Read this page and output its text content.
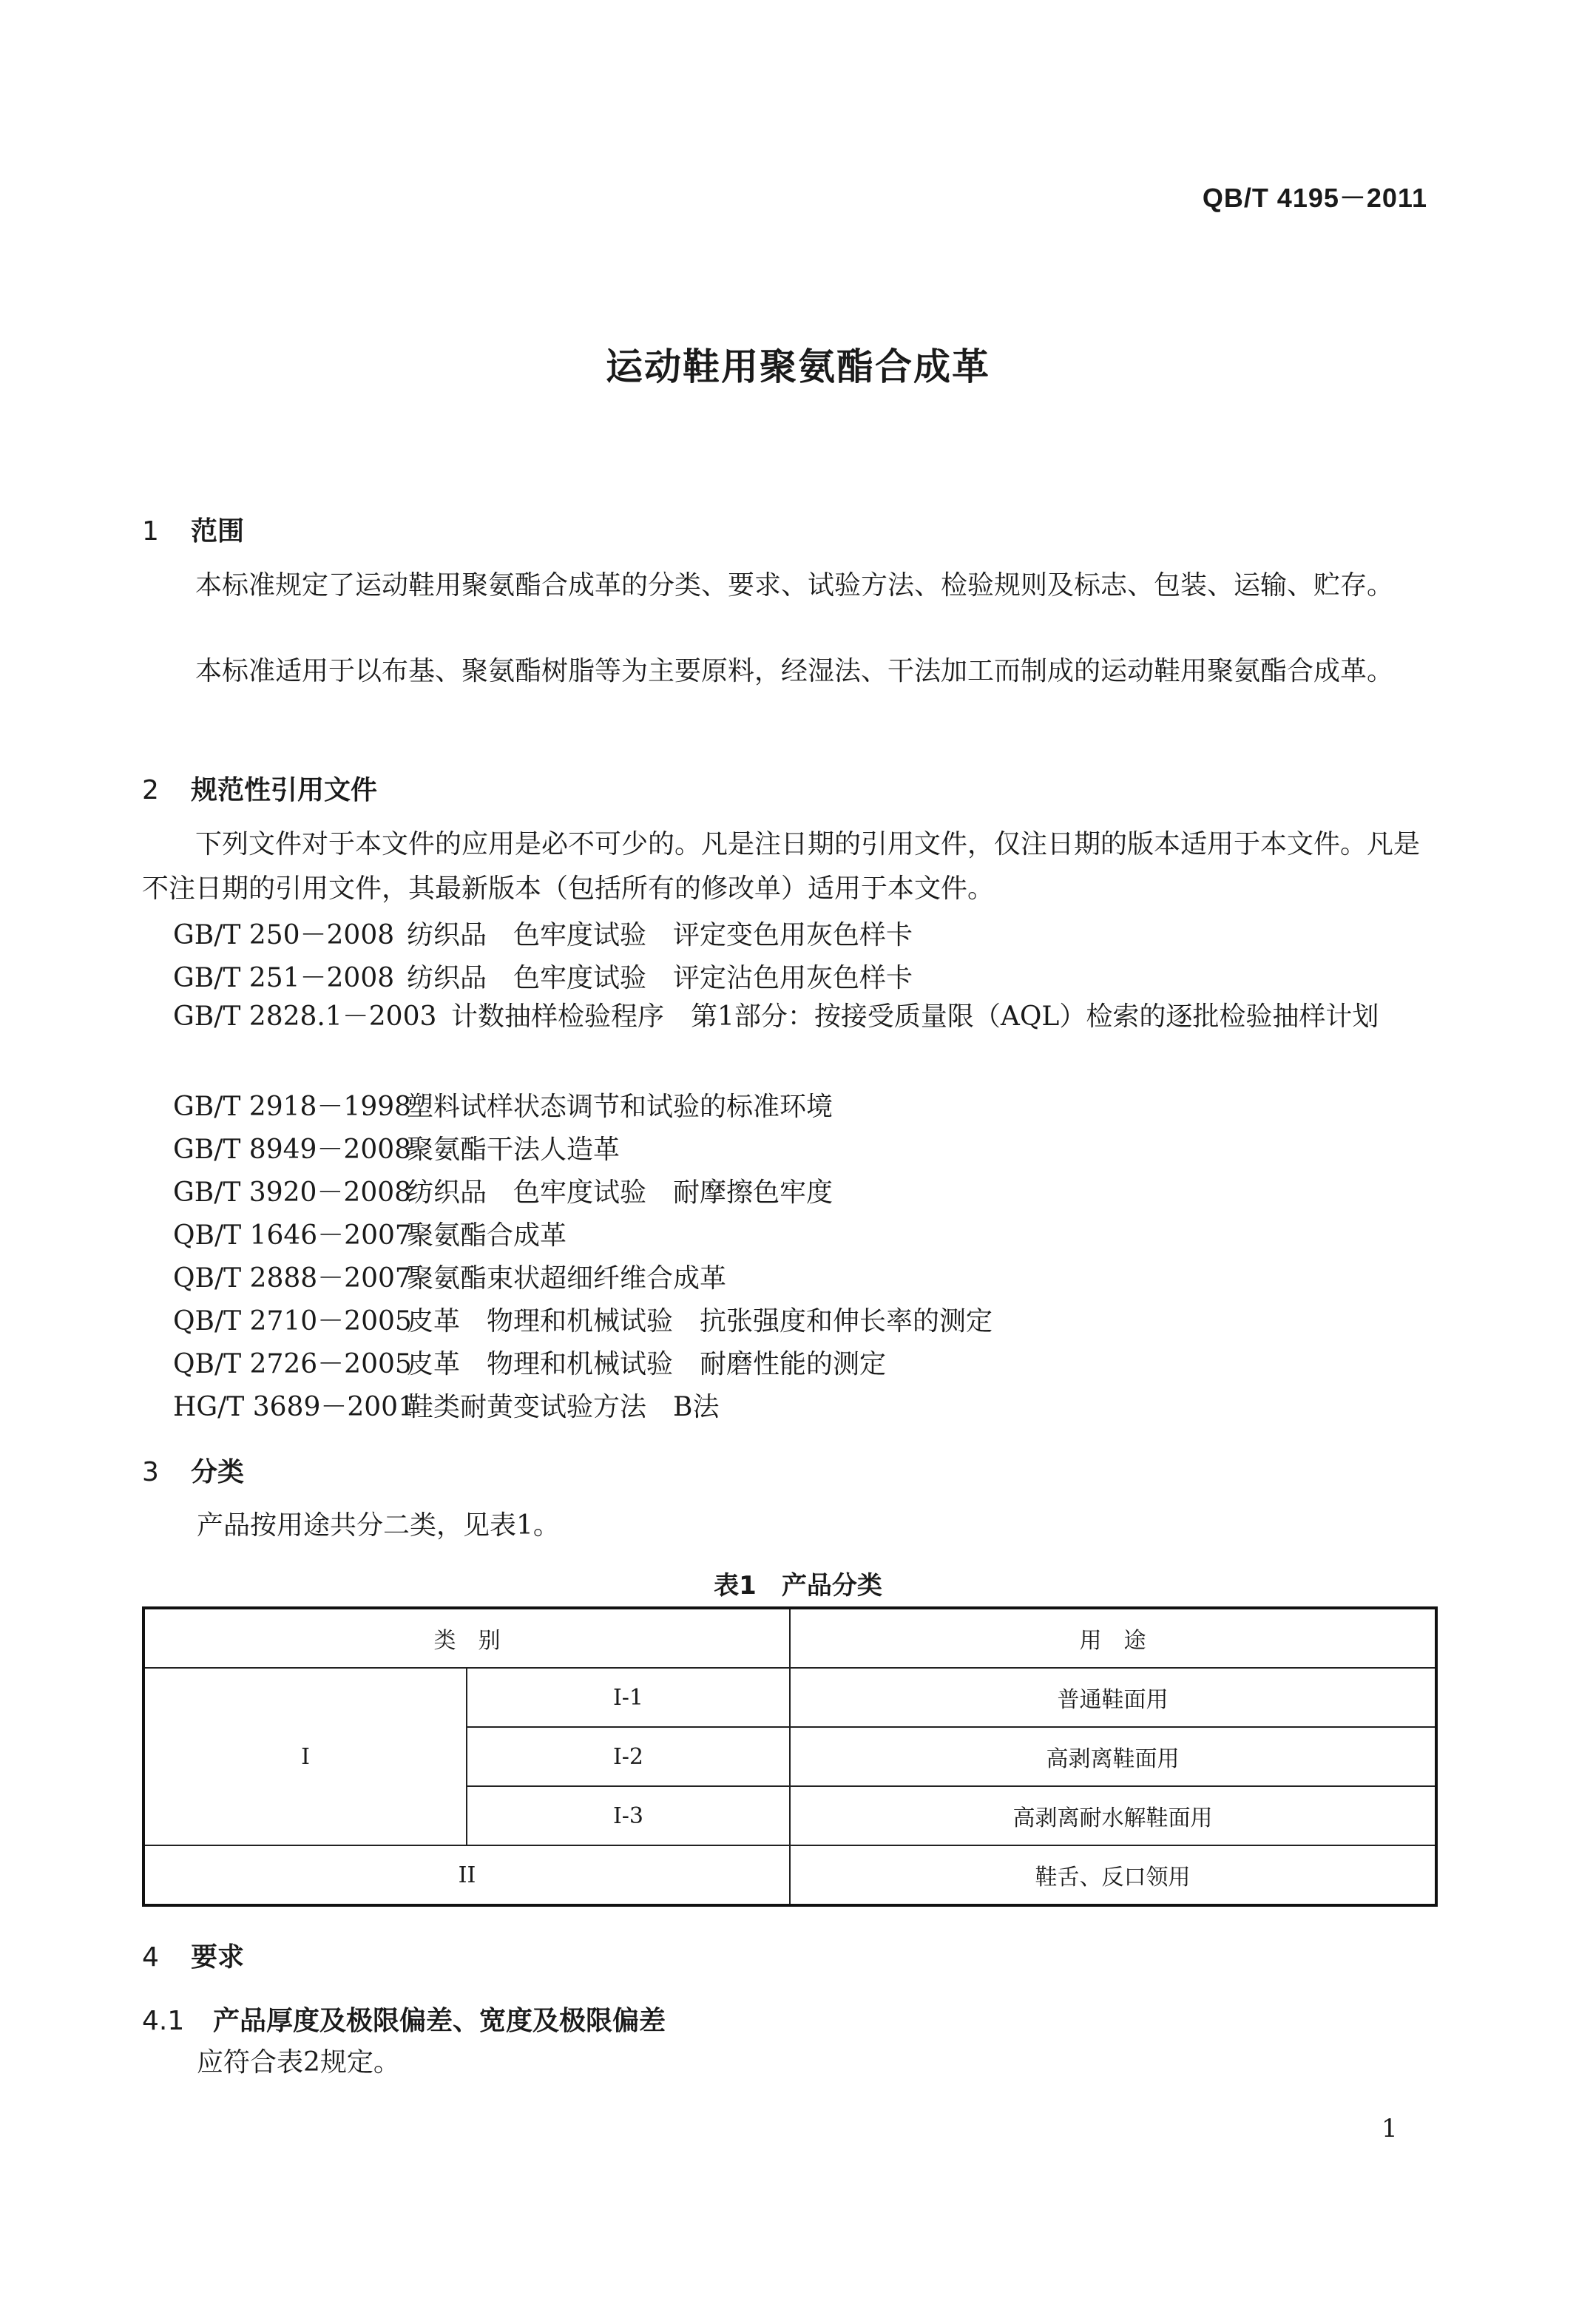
QB/T 4195－2011
运动鞋用聚氨酯合成革
1 范围
本标准规定了运动鞋用聚氨酯合成革的分类、要求、试验方法、检验规则及标志、包装、运输、贮存。
本标准适用于以布基、聚氨酯树脂等为主要原料，经湿法、干法加工而制成的运动鞋用聚氨酯合成革。
2 规范性引用文件
下列文件对于本文件的应用是必不可少的。凡是注日期的引用文件，仅注日期的版本适用于本文件。凡是不注日期的引用文件，其最新版本（包括所有的修改单）适用于本文件。
GB/T 250－2008 纺织品　色牢度试验　评定变色用灰色样卡
GB/T 251－2008 纺织品　色牢度试验　评定沾色用灰色样卡
GB/T 2828.1－2003 计数抽样检验程序　第1部分：按接受质量限（AQL）检索的逐批检验抽样计划
GB/T 2918－1998塑料试样状态调节和试验的标准环境
GB/T 8949－2008聚氨酯干法人造革
GB/T 3920－2008纺织品　色牢度试验　耐摩擦色牢度
QB/T 1646－2007聚氨酯合成革
QB/T 2888－2007聚氨酯束状超细纤维合成革
QB/T 2710－2005皮革　物理和机械试验　抗张强度和伸长率的测定
QB/T 2726－2005皮革　物理和机械试验　耐磨性能的测定
HG/T 3689－2001鞋类耐黄变试验方法　B法
3 分类
产品按用途共分二类，见表1。
表1　产品分类
类　别		用　途
I	I-1	普通鞋面用
	I-2	高剥离鞋面用
	I-3	高剥离耐水解鞋面用
II		鞋舌、反口领用
4 要求
4.1 产品厚度及极限偏差、宽度及极限偏差
应符合表2规定。
1
